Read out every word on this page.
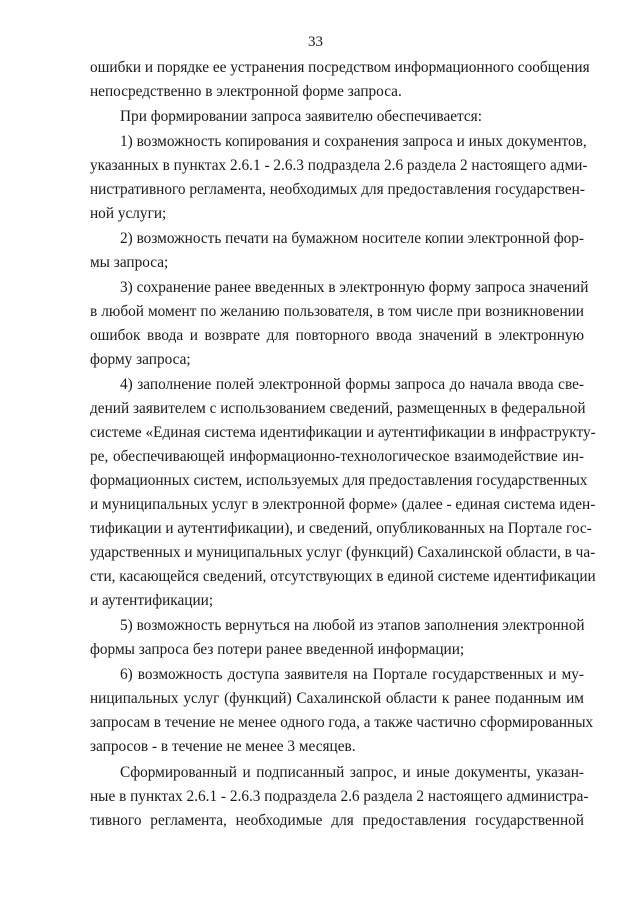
33
ошибки и порядке ее устранения посредством информационного сообщения
непосредственно в электронной форме запроса.
При формировании запроса заявителю обеспечивается:
1) возможность копирования и сохранения запроса и иных документов,
указанных в пунктах 2.6.1 - 2.6.3 подраздела 2.6 раздела 2 настоящего адми-
нистративного регламента, необходимых для предоставления государствен-
ной услуги;
2) возможность печати на бумажном носителе копии электронной фор-
мы запроса;
3) сохранение ранее введенных в электронную форму запроса значений
в любой момент по желанию пользователя, в том числе при возникновении
ошибок ввода и возврате для повторного ввода значений в электронную
форму запроса;
4) заполнение полей электронной формы запроса до начала ввода све-
дений заявителем с использованием сведений, размещенных в федеральной
системе «Единая система идентификации и аутентификации в инфраструкту-
ре, обеспечивающей информационно-технологическое взаимодействие ин-
формационных систем, используемых для предоставления государственных
и муниципальных услуг в электронной форме» (далее - единая система иден-
тификации и аутентификации), и сведений, опубликованных на Портале гос-
ударственных и муниципальных услуг (функций) Сахалинской области, в ча-
сти, касающейся сведений, отсутствующих в единой системе идентификации
и аутентификации;
5) возможность вернуться на любой из этапов заполнения электронной
формы запроса без потери ранее введенной информации;
6) возможность доступа заявителя на Портале государственных и му-
ниципальных услуг (функций) Сахалинской области к ранее поданным им
запросам в течение не менее одного года, а также частично сформированных
запросов - в течение не менее 3 месяцев.
Сформированный и подписанный запрос, и иные документы, указан-
ные в пунктах 2.6.1 - 2.6.3 подраздела 2.6 раздела 2 настоящего администра-
тивного регламента, необходимые для предоставления государственной
